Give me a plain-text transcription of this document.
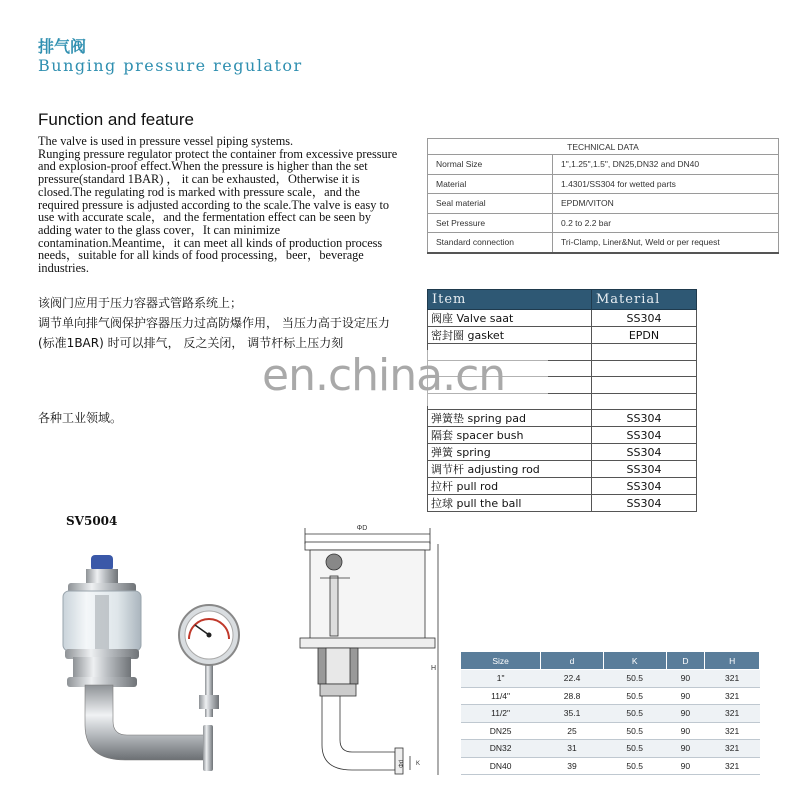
排气阀
Bunging pressure regulator
Function and feature

The valve is used in pressure vessel piping systems.

Runging pressure regulator protect the container from excessive pressure and explosion-proof effect.When the pressure is higher than the set pressure(standard 1BAR) ， it can be exhausted，Otherwise it is closed.The regulating rod is marked with pressure scale，and the required pressure is adjusted according to the scale.The valve is easy to use with accurate scale，and the fermentation effect can be seen by adding water to the glass cover，It can minimize contamination.Meantime，it can meet all kinds of production process needs，suitable for all kinds of food processing，beer，beverage industries.

该阀门应用于压力容器式管路系统上；

调节单向排气阀保护容器压力过高防爆作用， 当压力高于设定压力(标准1BAR) 时可以排气， 反之关闭， 调节杆标上压力刻

各种工业领域。
TECHNICAL DATA	
Normal Size	1",1.25",1.5", DN25,DN32 and DN40
Material	1.4301/SS304 for wetted parts
Seal material	EPDM/VITON
Set Pressure	0.2 to 2.2 bar
Standard connection	Tri-Clamp, Liner&Nut, Weld or per request
Item	Material
阀座 Valve saat	SS304
密封圈 gasket	EPDN

弹簧垫 spring pad	SS304
隔套 spacer bush	SS304
弹簧 spring	SS304
调节杆 adjusting rod	SS304
拉杆 pull rod	SS304
拉球 pull the ball	SS304
en.china.cn
SV5004
ΦD
H
Φd K
Size	d	K	D	H
1"	22.4	50.5	90	321
11/4"	28.8	50.5	90	321
11/2"	35.1	50.5	90	321
DN25	25	50.5	90	321
DN32	31	50.5	90	321
DN40	39	50.5	90	321
